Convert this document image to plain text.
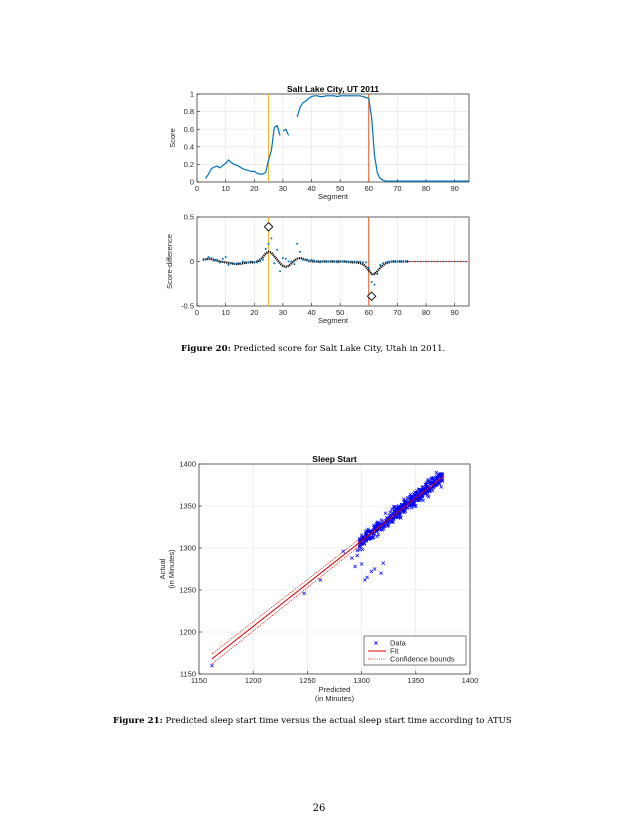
0	10	20	30	40	50	60	70	80	90
0
0.2
0.4
0.6
0.8
1
Salt Lake City, UT 2011
Segment
Score
0	10	20	30	40	50	60	70	80	90
-0.5
0
0.5
Segment
Score-difference
Figure 20: Predicted score for Salt Lake City, Utah in 2011.
1150	1200	1250	1300	1350	1400
1150
1200
1250
1300
1350
1400
Sleep Start
Actual (in Minutes)
Predicted
(in Minutes)
Data
Fit
Confidence bounds
Figure 21: Predicted sleep start time versus the actual sleep start time according to ATUS
26
